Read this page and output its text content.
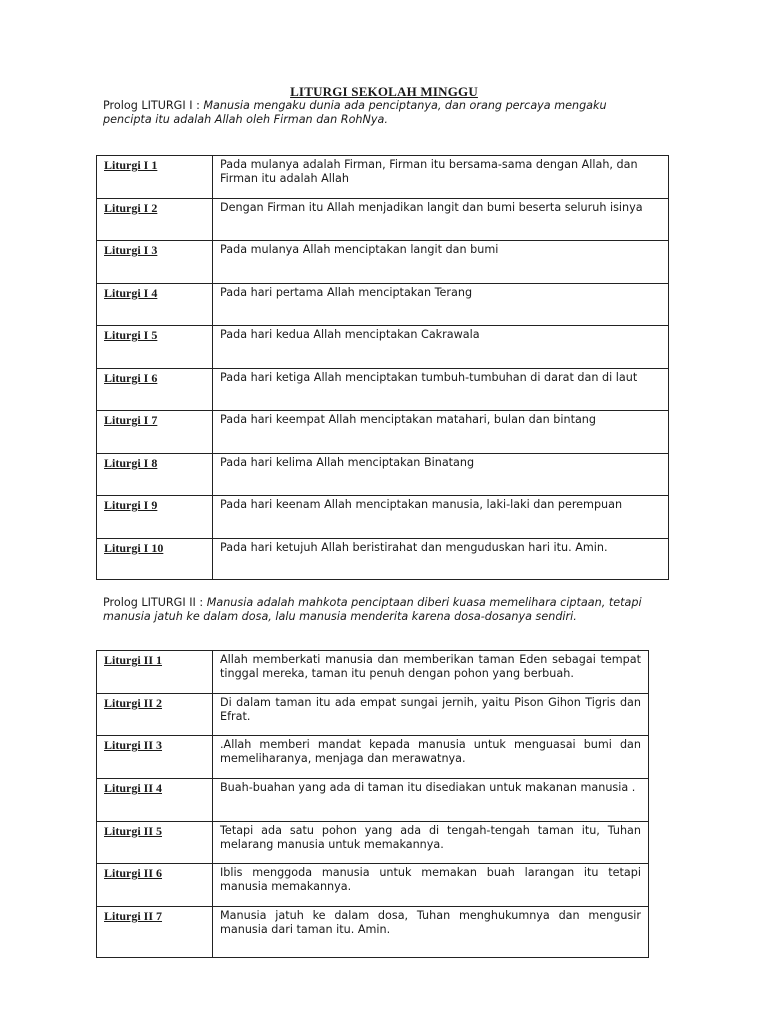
LITURGI SEKOLAH MINGGU
Prolog LITURGI I : Manusia mengaku dunia ada penciptanya, dan orang percaya mengaku pencipta itu adalah Allah oleh Firman dan RohNya.
Liturgi I 1	Pada mulanya adalah Firman, Firman itu bersama-sama dengan Allah, dan Firman itu adalah Allah
Liturgi I 2	Dengan Firman itu Allah menjadikan langit dan bumi beserta seluruh isinya
Liturgi I 3	Pada mulanya Allah menciptakan langit dan bumi
Liturgi I 4	Pada hari pertama Allah menciptakan Terang
Liturgi I 5	Pada hari kedua Allah menciptakan Cakrawala
Liturgi I 6	Pada hari ketiga Allah menciptakan tumbuh-tumbuhan di darat dan di laut
Liturgi I 7	Pada hari keempat Allah menciptakan matahari, bulan dan bintang
Liturgi I 8	Pada hari kelima Allah menciptakan Binatang
Liturgi I 9	Pada hari keenam Allah menciptakan manusia, laki-laki dan perempuan
Liturgi I 10	Pada hari ketujuh Allah beristirahat dan menguduskan hari itu. Amin.
Prolog LITURGI II : Manusia adalah mahkota penciptaan diberi kuasa memelihara ciptaan, tetapi manusia jatuh ke dalam dosa, lalu manusia menderita karena dosa-dosanya sendiri.
Liturgi II 1	Allah memberkati manusia dan memberikan taman Eden sebagai tempat tinggal mereka, taman itu penuh dengan pohon yang berbuah.
Liturgi II 2	Di dalam taman itu ada empat sungai jernih, yaitu Pison Gihon Tigris dan Efrat.
Liturgi II 3	.Allah memberi mandat kepada manusia untuk menguasai bumi dan memeliharanya, menjaga dan merawatnya.
Liturgi II 4	Buah-buahan yang ada di taman itu disediakan untuk makanan manusia .
Liturgi II 5	Tetapi ada satu pohon yang ada di tengah-tengah taman itu, Tuhan melarang manusia untuk memakannya.
Liturgi II 6	Iblis menggoda manusia untuk memakan buah larangan itu tetapi manusia memakannya.
Liturgi II 7	Manusia jatuh ke dalam dosa, Tuhan menghukumnya dan mengusir manusia dari taman itu. Amin.
